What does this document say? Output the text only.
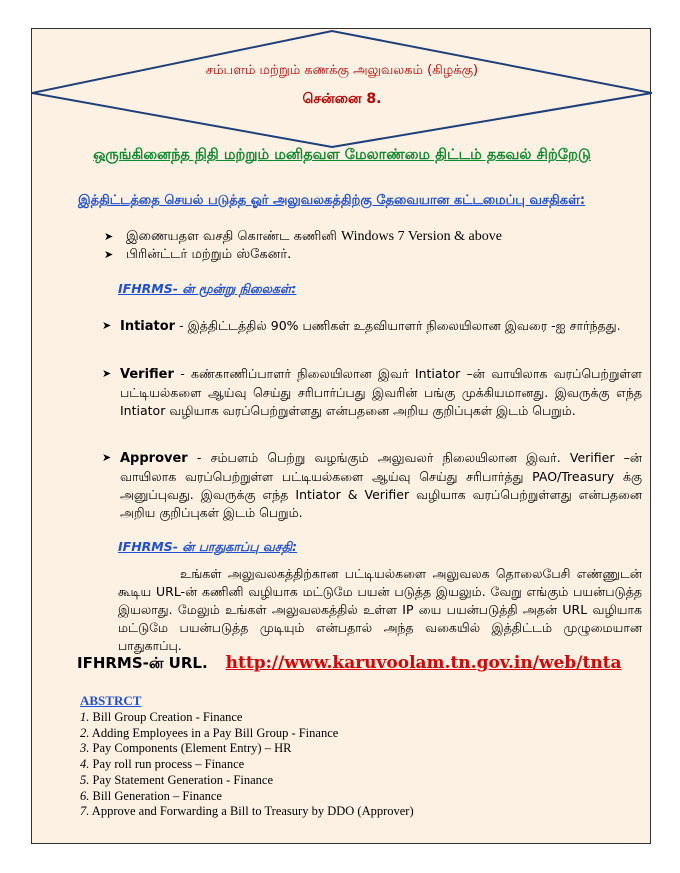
சம்பளம் மற்றும் கணக்கு அலுவலகம் (கிழக்கு)
சென்னை 8.
ஒருங்கினைந்த நிதி மற்றும் மனிதவள மேலாண்மை திட்டம் தகவல் சிற்றேடு
இத்திட்டத்தை செயல் படுத்த ஓர் அலுவலகத்திற்கு தேவையான கட்டமைப்பு வசதிகள்:
➤ இணையதள வசதி கொண்ட கணினி Windows 7 Version & above
➤ பிரின்ட்டர் மற்றும் ஸ்கேனர்.
IFHRMS- ன் மூன்று நிலைகள்:
➤ Intiator - இத்திட்டத்தில் 90% பணிகள் உதவியாளர் நிலையிலான இவரை -ஐ சார்ந்தது.
➤ Verifier - கண்காணிப்பாளர் நிலையிலான இவர் Intiator –ன் வாயிலாக வரப்பெற்றுள்ள பட்டியல்களை ஆய்வு செய்து சரிபார்ப்பது இவரின் பங்கு முக்கியமானது. இவருக்கு எந்த Intiator வழியாக வரப்பெற்றுள்ளது என்பதனை அறிய குறிப்புகள் இடம் பெறும்.
➤ Approver - சம்பளம் பெற்று வழங்கும் அலுவலர் நிலையிலான இவர். Verifier –ன் வாயிலாக வரப்பெற்றுள்ள பட்டியல்களை ஆய்வு செய்து சரிபார்த்து PAO/Treasury க்கு அனுப்புவது. இவருக்கு எந்த Intiator & Verifier வழியாக வரப்பெற்றுள்ளது என்பதனை அறிய குறிப்புகள் இடம் பெறும்.
IFHRMS- ன் பாதுகாப்பு வசதி:
உங்கள் அலுவலகத்திற்கான பட்டியல்களை அலுவலக தொலைபேசி எண்ணுடன் கூடிய URL-ன் கணினி வழியாக மட்டுமே பயன் படுத்த இயலும். வேறு எங்கும் பயன்படுத்த இயலாது. மேலும் உங்கள் அலுவலகத்தில் உள்ள IP யை பயன்படுத்தி அதன் URL வழியாக மட்டுமே பயன்படுத்த முடியும் என்பதால் அந்த வகையில் இத்திட்டம் முழுமையான பாதுகாப்பு.
IFHRMS-ன் URL. http://www.karuvoolam.tn.gov.in/web/tnta
ABSTRCT
1. Bill Group Creation - Finance
2. Adding Employees in a Pay Bill Group - Finance
3. Pay Components (Element Entry) – HR
4. Pay roll run process – Finance
5. Pay Statement Generation - Finance
6. Bill Generation – Finance
7. Approve and Forwarding a Bill to Treasury by DDO (Approver)
